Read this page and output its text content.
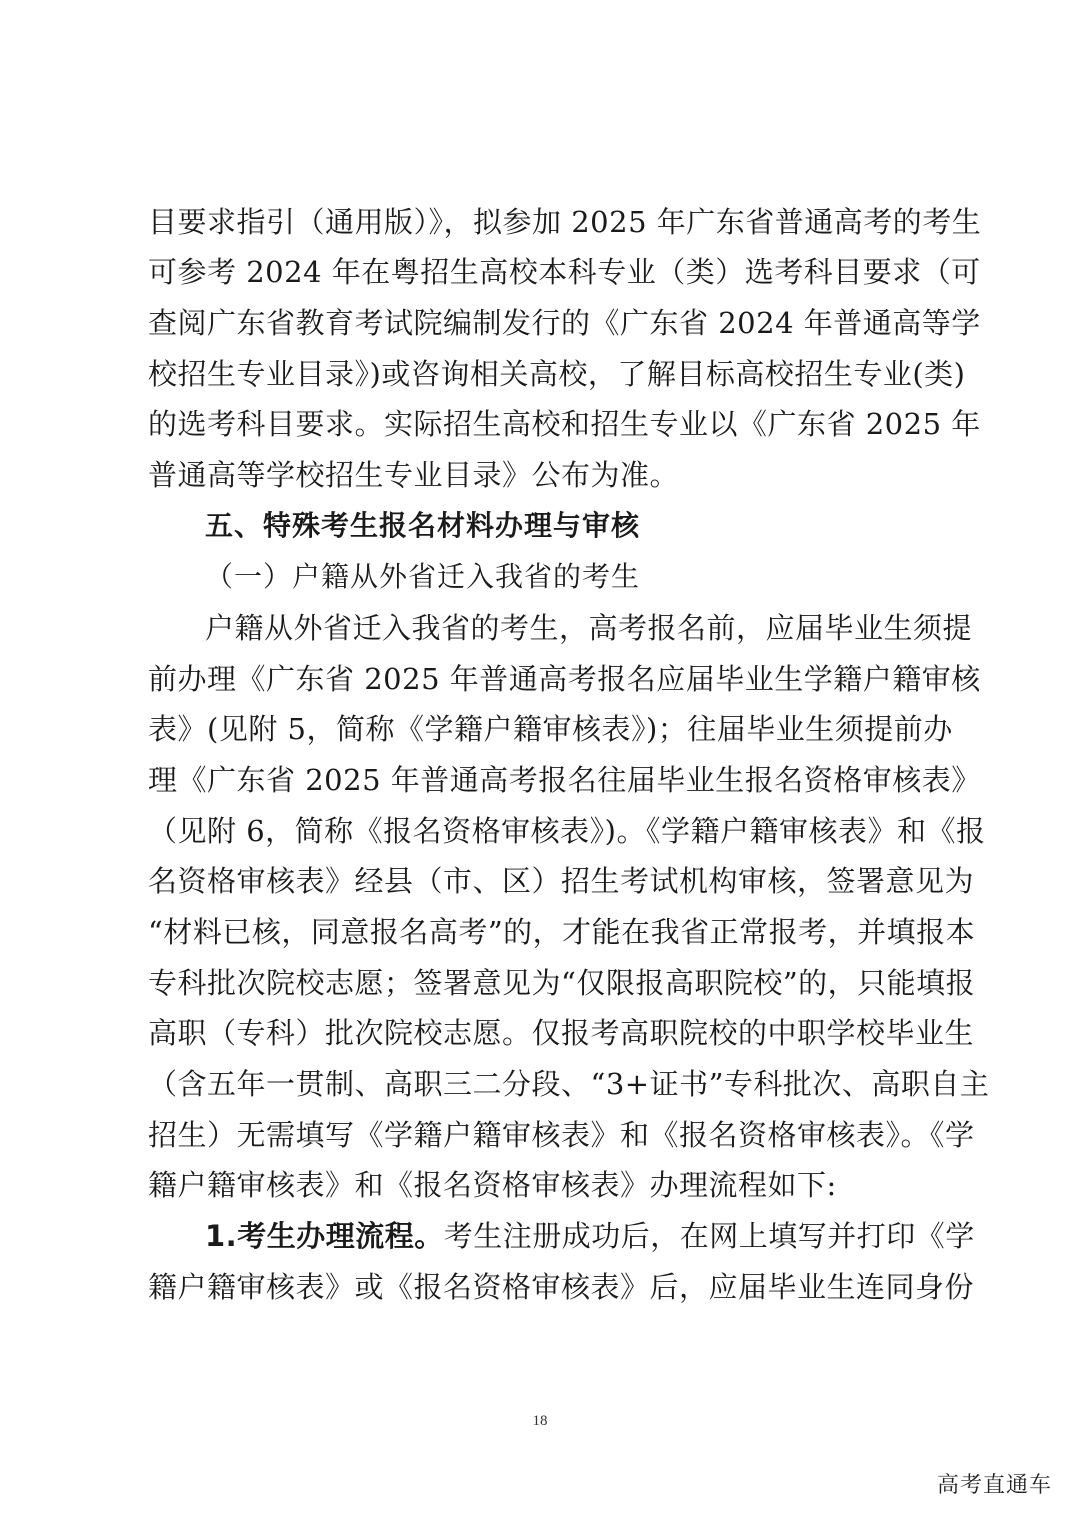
目要求指引（通用版）》，拟参加 2025 年广东省普通高考的考生
可参考 2024 年在粤招生高校本科专业（类）选考科目要求（可
查阅广东省教育考试院编制发行的《广东省 2024 年普通高等学
校招生专业目录》)或咨询相关高校，了解目标高校招生专业(类)
的选考科目要求。实际招生高校和招生专业以《广东省 2025 年
普通高等学校招生专业目录》公布为准。
五、特殊考生报名材料办理与审核
（一）户籍从外省迁入我省的考生
户籍从外省迁入我省的考生，高考报名前，应届毕业生须提
前办理《广东省 2025 年普通高考报名应届毕业生学籍户籍审核
表》(见附 5，简称《学籍户籍审核表》)；往届毕业生须提前办
理《广东省 2025 年普通高考报名往届毕业生报名资格审核表》
（见附 6，简称《报名资格审核表》)。《学籍户籍审核表》和《报
名资格审核表》经县（市、区）招生考试机构审核，签署意见为
“材料已核，同意报名高考”的，才能在我省正常报考，并填报本
专科批次院校志愿；签署意见为“仅限报高职院校”的，只能填报
高职（专科）批次院校志愿。仅报考高职院校的中职学校毕业生
（含五年一贯制、高职三二分段、“3+证书”专科批次、高职自主
招生）无需填写《学籍户籍审核表》和《报名资格审核表》。《学
籍户籍审核表》和《报名资格审核表》办理流程如下:
1.考生办理流程。考生注册成功后，在网上填写并打印《学
籍户籍审核表》或《报名资格审核表》后，应届毕业生连同身份
18
高考直通车
